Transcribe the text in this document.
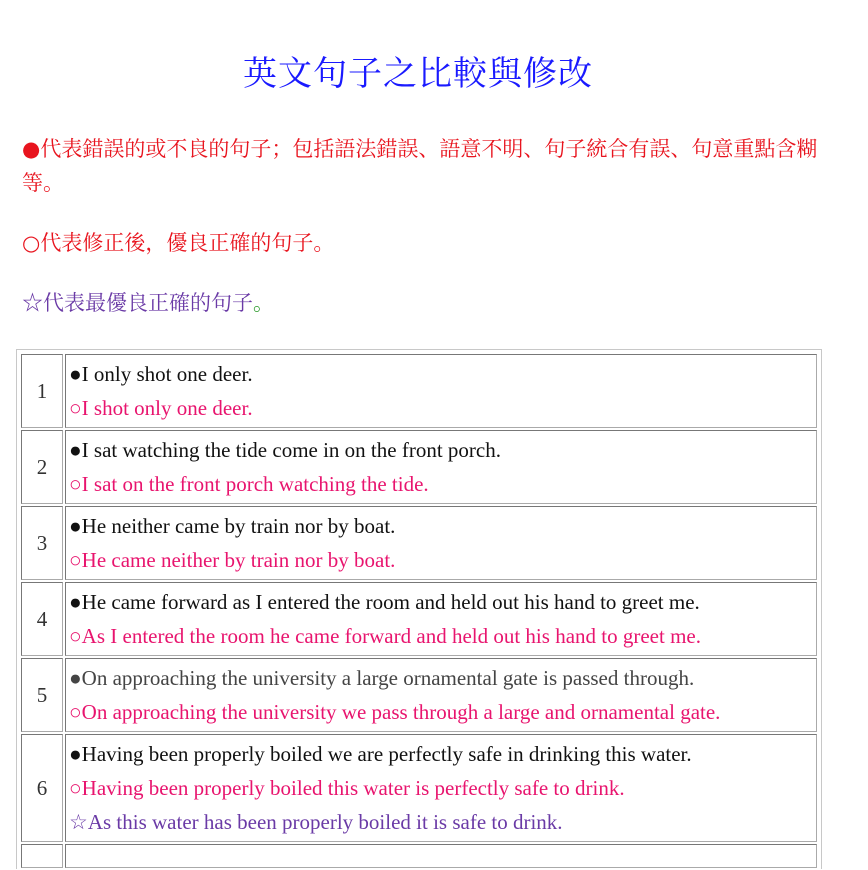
英文句子之比較與修改

●代表錯誤的或不良的句子；包括語法錯誤、語意不明、句子統合有誤、句意重點含糊等。

○代表修正後，優良正確的句子。

☆代表最優良正確的句子。

1	●I only shot one deer.
○I shot only one deer.

2	●I sat watching the tide come in on the front porch.
○I sat on the front porch watching the tide.

3	●He neither came by train nor by boat.
○He came neither by train nor by boat.

4	●He came forward as I entered the room and held out his hand to greet me.
○As I entered the room he came forward and held out his hand to greet me.

5	●On approaching the university a large ornamental gate is passed through.
○On approaching the university we pass through a large and ornamental gate.

6	●Having been properly boiled we are perfectly safe in drinking this water.
○Having been properly boiled this water is perfectly safe to drink.
☆As this water has been properly boiled it is safe to drink.
